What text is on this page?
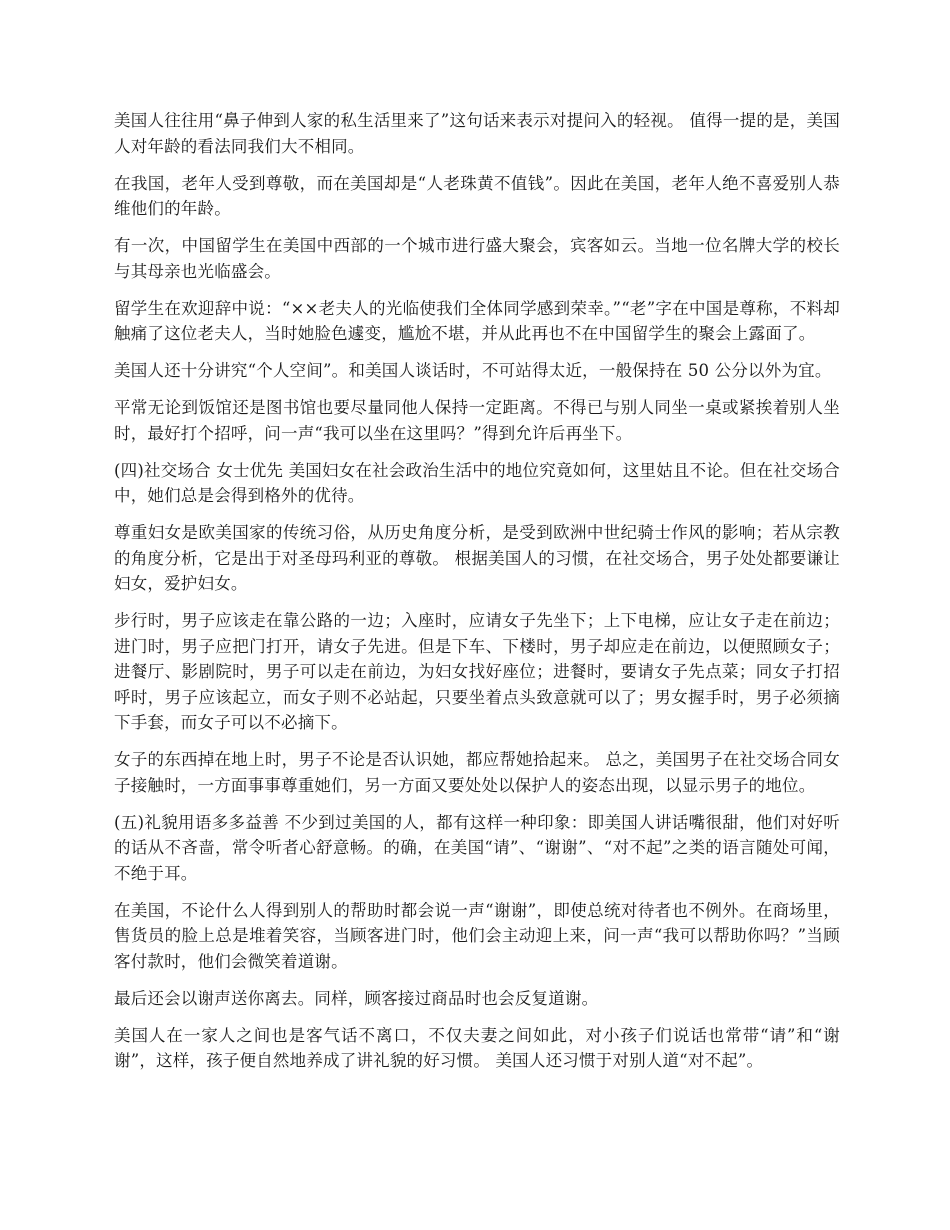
美国人往往用“鼻子伸到人家的私生活里来了”这句话来表示对提问入的轻视。 值得一提的是，美国人对年龄的看法同我们大不相同。

在我国，老年人受到尊敬，而在美国却是“人老珠黄不值钱”。因此在美国，老年人绝不喜爱别人恭维他们的年龄。

有一次，中国留学生在美国中西部的一个城市进行盛大聚会，宾客如云。当地一位名牌大学的校长与其母亲也光临盛会。

留学生在欢迎辞中说：“××老夫人的光临使我们全体同学感到荣幸。”“老”字在中国是尊称，不料却触痛了这位老夫人，当时她脸色遽变，尴尬不堪，并从此再也不在中国留学生的聚会上露面了。

美国人还十分讲究“个人空间”。和美国人谈话时，不可站得太近，一般保持在 50 公分以外为宜。

平常无论到饭馆还是图书馆也要尽量同他人保持一定距离。不得已与别人同坐一桌或紧挨着别人坐时，最好打个招呼，问一声“我可以坐在这里吗？”得到允许后再坐下。

(四)社交场合 女士优先 美国妇女在社会政治生活中的地位究竟如何，这里姑且不论。但在社交场合中，她们总是会得到格外的优待。

尊重妇女是欧美国家的传统习俗，从历史角度分析，是受到欧洲中世纪骑士作风的影响；若从宗教的角度分析，它是出于对圣母玛利亚的尊敬。 根据美国人的习惯，在社交场合，男子处处都要谦让妇女，爱护妇女。

步行时，男子应该走在靠公路的一边；入座时，应请女子先坐下；上下电梯，应让女子走在前边；进门时，男子应把门打开，请女子先进。但是下车、下楼时，男子却应走在前边，以便照顾女子；进餐厅、影剧院时，男子可以走在前边，为妇女找好座位；进餐时，要请女子先点菜；同女子打招呼时，男子应该起立，而女子则不必站起，只要坐着点头致意就可以了；男女握手时，男子必须摘下手套，而女子可以不必摘下。

女子的东西掉在地上时，男子不论是否认识她，都应帮她拾起来。 总之，美国男子在社交场合同女子接触时，一方面事事尊重她们，另一方面又要处处以保护人的姿态出现，以显示男子的地位。

(五)礼貌用语多多益善 不少到过美国的人，都有这样一种印象：即美国人讲话嘴很甜，他们对好听的话从不吝啬，常令听者心舒意畅。的确，在美国“请”、“谢谢”、“对不起”之类的语言随处可闻，不绝于耳。

在美国，不论什么人得到别人的帮助时都会说一声“谢谢”，即使总统对待者也不例外。在商场里，售货员的脸上总是堆着笑容，当顾客进门时，他们会主动迎上来，问一声“我可以帮助你吗？”当顾客付款时，他们会微笑着道谢。

最后还会以谢声送你离去。同样，顾客接过商品时也会反复道谢。

美国人在一家人之间也是客气话不离口，不仅夫妻之间如此，对小孩子们说话也常带“请”和“谢谢”，这样，孩子便自然地养成了讲礼貌的好习惯。 美国人还习惯于对别人道“对不起”。
